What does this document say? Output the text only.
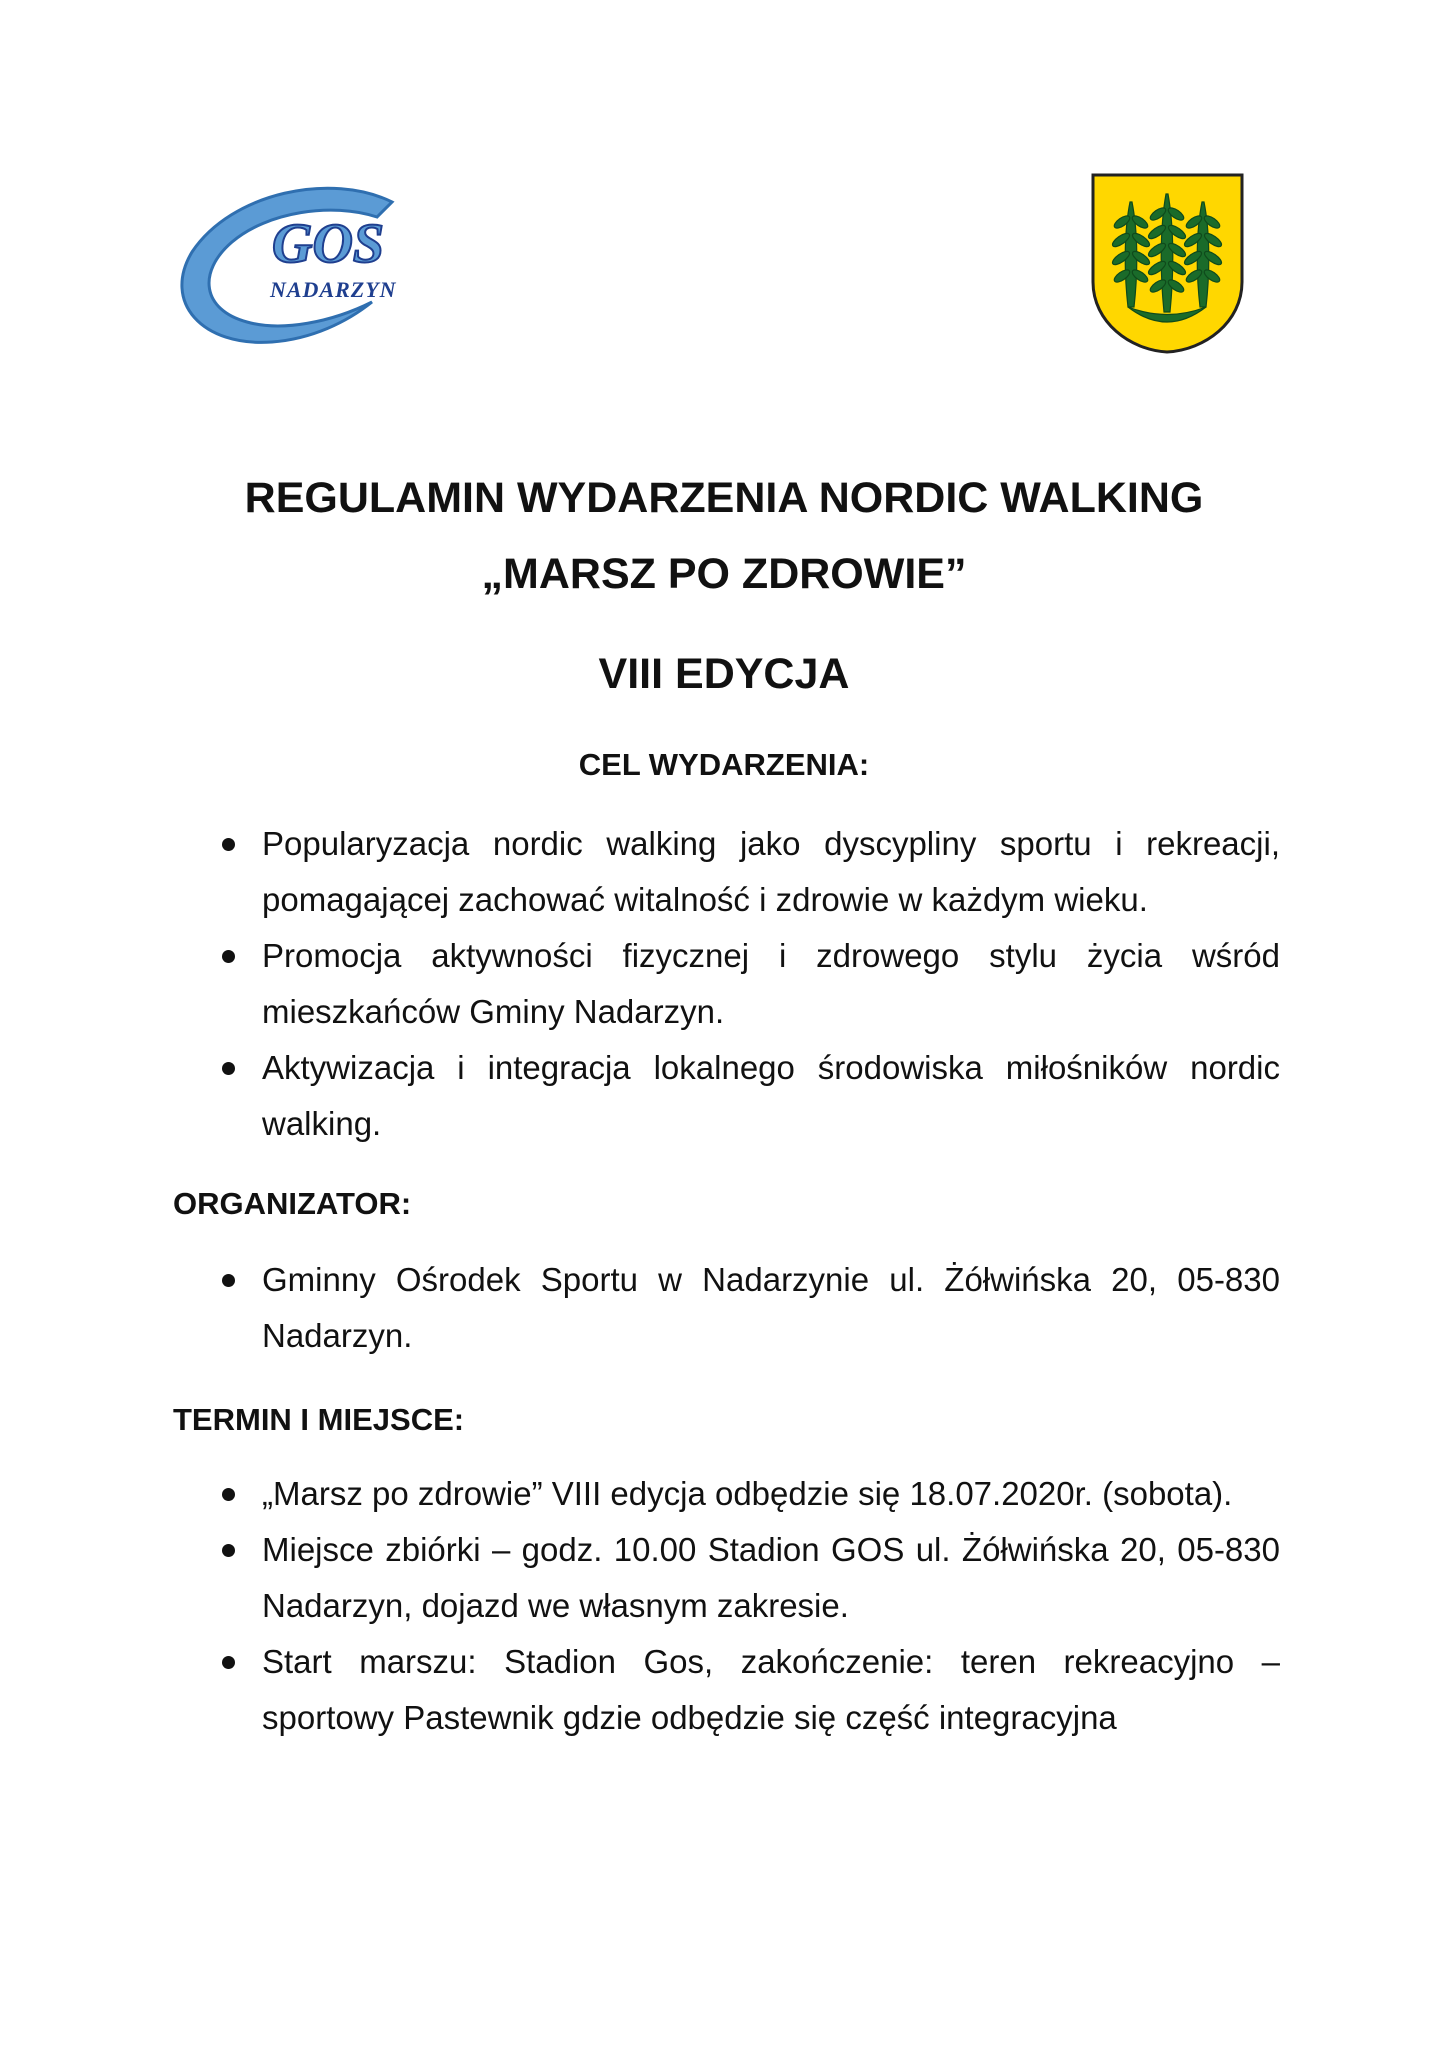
GOS
NADARZYN
REGULAMIN WYDARZENIA NORDIC WALKING
„MARSZ PO ZDROWIE”
VIII EDYCJA
CEL WYDARZENIA:
Popularyzacja nordic walking jako dyscypliny sportu i rekreacji, pomagającej zachować witalność i zdrowie w każdym wieku.
Promocja aktywności fizycznej i zdrowego stylu życia wśród mieszkańców Gminy Nadarzyn.
Aktywizacja i integracja lokalnego środowiska miłośników nordic walking.
ORGANIZATOR:
Gminny Ośrodek Sportu w Nadarzynie ul. Żółwińska 20, 05-830 Nadarzyn.
TERMIN I MIEJSCE:
„Marsz po zdrowie” VIII edycja odbędzie się 18.07.2020r. (sobota).
Miejsce zbiórki – godz. 10.00 Stadion GOS ul. Żółwińska 20, 05-830 Nadarzyn, dojazd we własnym zakresie.
Start marszu: Stadion Gos, zakończenie: teren rekreacyjno – sportowy Pastewnik gdzie odbędzie się część integracyjna
